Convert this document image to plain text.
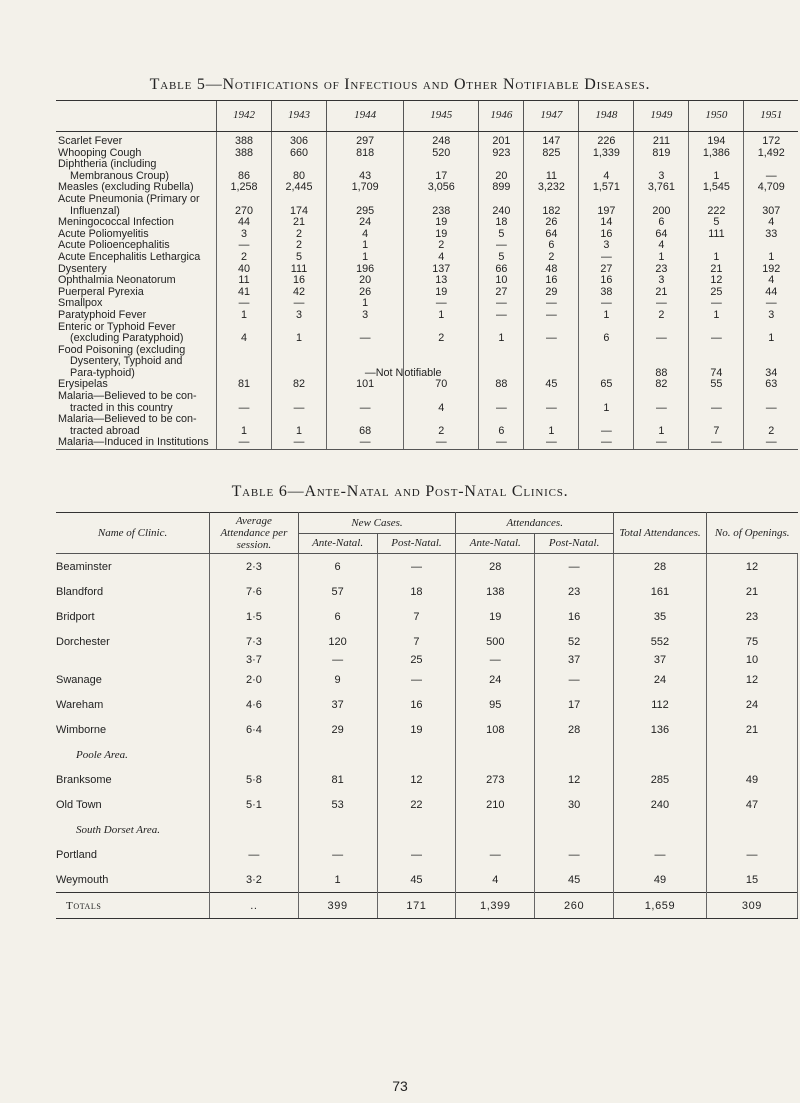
Table 5—Notifications of Infectious and Other Notifiable Diseases.
	1942	1943	1944	1945	1946	1947	1948	1949	1950	1951
Scarlet Fever	388	306	297	248	201	147	226	211	194	172
Whooping Cough	388	660	818	520	923	825	1,339	819	1,386	1,492
Diphtheria (including										
Membranous Croup)	86	80	43	17	20	11	4	3	1	—
Measles (excluding Rubella)	1,258	2,445	1,709	3,056	899	3,232	1,571	3,761	1,545	4,709
Acute Pneumonia (Primary or										
Influenzal)	270	174	295	238	240	182	197	200	222	307
Meningococcal Infection	44	21	24	19	18	26	14	6	5	4
Acute Poliomyelitis	3	2	4	19	5	64	16	64	111	33
Acute Polioencephalitis	—	2	1	2	—	6	3	4		
Acute Encephalitis Lethargica	2	5	1	4	5	2	—	1	1	1
Dysentery	40	111	196	137	66	48	27	23	21	192
Ophthalmia Neonatorum	11	16	20	13	10	16	16	3	12	4
Puerperal Pyrexia	41	42	26	19	27	29	38	21	25	44
Smallpox	—	—	1	—	—	—	—	—	—	—
Paratyphoid Fever	1	3	3	1	—	—	1	2	1	3
Enteric or Typhoid Fever										
(excluding Paratyphoid)	4	1	—	2	1	—	6	—	—	1
Food Poisoning (excluding										
Dysentery, Typhoid and										
Para-typhoid)			—Not N	otifiable				88	74	34
Erysipelas	81	82	101	70	88	45	65	82	55	63
Malaria—Believed to be con-										
tracted in this country	—	—	—	4	—	—	1	—	—	—
Malaria—Believed to be con-										
tracted abroad	1	1	68	2	6	1	—	1	7	2
Malaria—Induced in Institutions	—	—	—	—	—	—	—	—	—	—
Table 6—Ante-Natal and Post-Natal Clinics.
Name of Clinic.	Average Attendance per session.	New Cases.		Attendances.		Total Attendances.	No. of Openings.
		Ante-Natal.	Post-Natal.	Ante-Natal.	Post-Natal.		
Beaminster	2·3	6	—	28	—	28	12
Blandford	7·6	57	18	138	23	161	21
Bridport	1·5	6	7	19	16	35	23
Dorchester	7·3	120	7	500	52	552	75
	3·7	—	25	—	37	37	10
Swanage	2·0	9	—	24	—	24	12
Wareham	4·6	37	16	95	17	112	24
Wimborne	6·4	29	19	108	28	136	21
Poole Area.							
Branksome	5·8	81	12	273	12	285	49
Old Town	5·1	53	22	210	30	240	47
South Dorset Area.							
Portland	—	—	—	—	—	—	—
Weymouth	3·2	1	45	4	45	49	15
Totals	..	399	171	1,399	260	1,659	309
73
